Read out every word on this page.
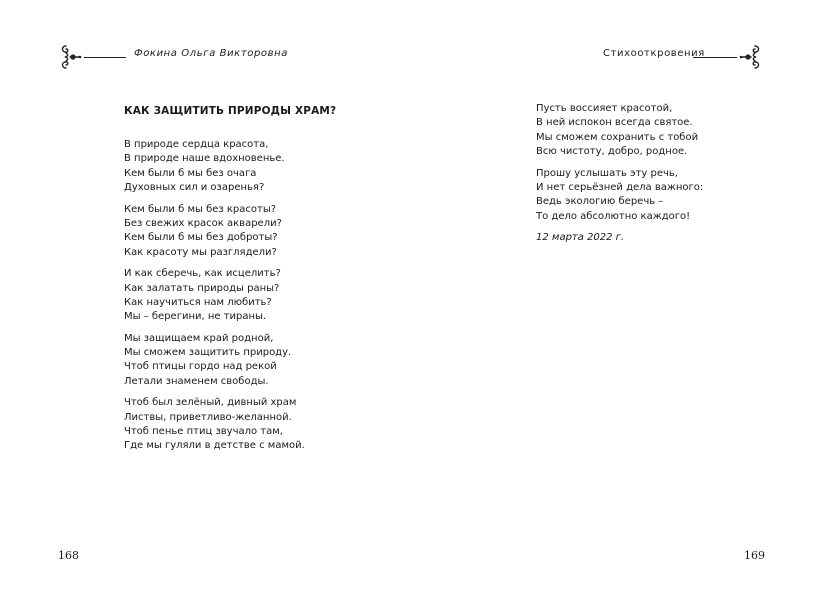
Фокина Ольга Викторовна
КАК ЗАЩИТИТЬ ПРИРОДЫ ХРАМ?
В природе сердца красота,
В природе наше вдохновенье.
Кем были б мы без очага
Духовных сил и озаренья?
Кем были б мы без красоты?
Без свежих красок акварели?
Кем были б мы без доброты?
Как красоту мы разглядели?
И как сберечь, как исцелить?
Как залатать природы раны?
Как научиться нам любить?
Мы – берегини, не тираны.
Мы защищаем край родной,
Мы сможем защитить природу.
Чтоб птицы гордо над рекой
Летали знаменем свободы.
Чтоб был зелёный, дивный храм
Листвы, приветливо-желанной.
Чтоб пенье птиц звучало там,
Где мы гуляли в детстве с мамой.
168
Стихооткровения
Пусть воссияет красотой,
В ней испокон всегда святое.
Мы сможем сохранить с тобой
Всю чистоту, добро, родное.
Прошу услышать эту речь,
И нет серьёзней дела важного:
Ведь экологию беречь –
То дело абсолютно каждого!
12 марта 2022 г.
169
